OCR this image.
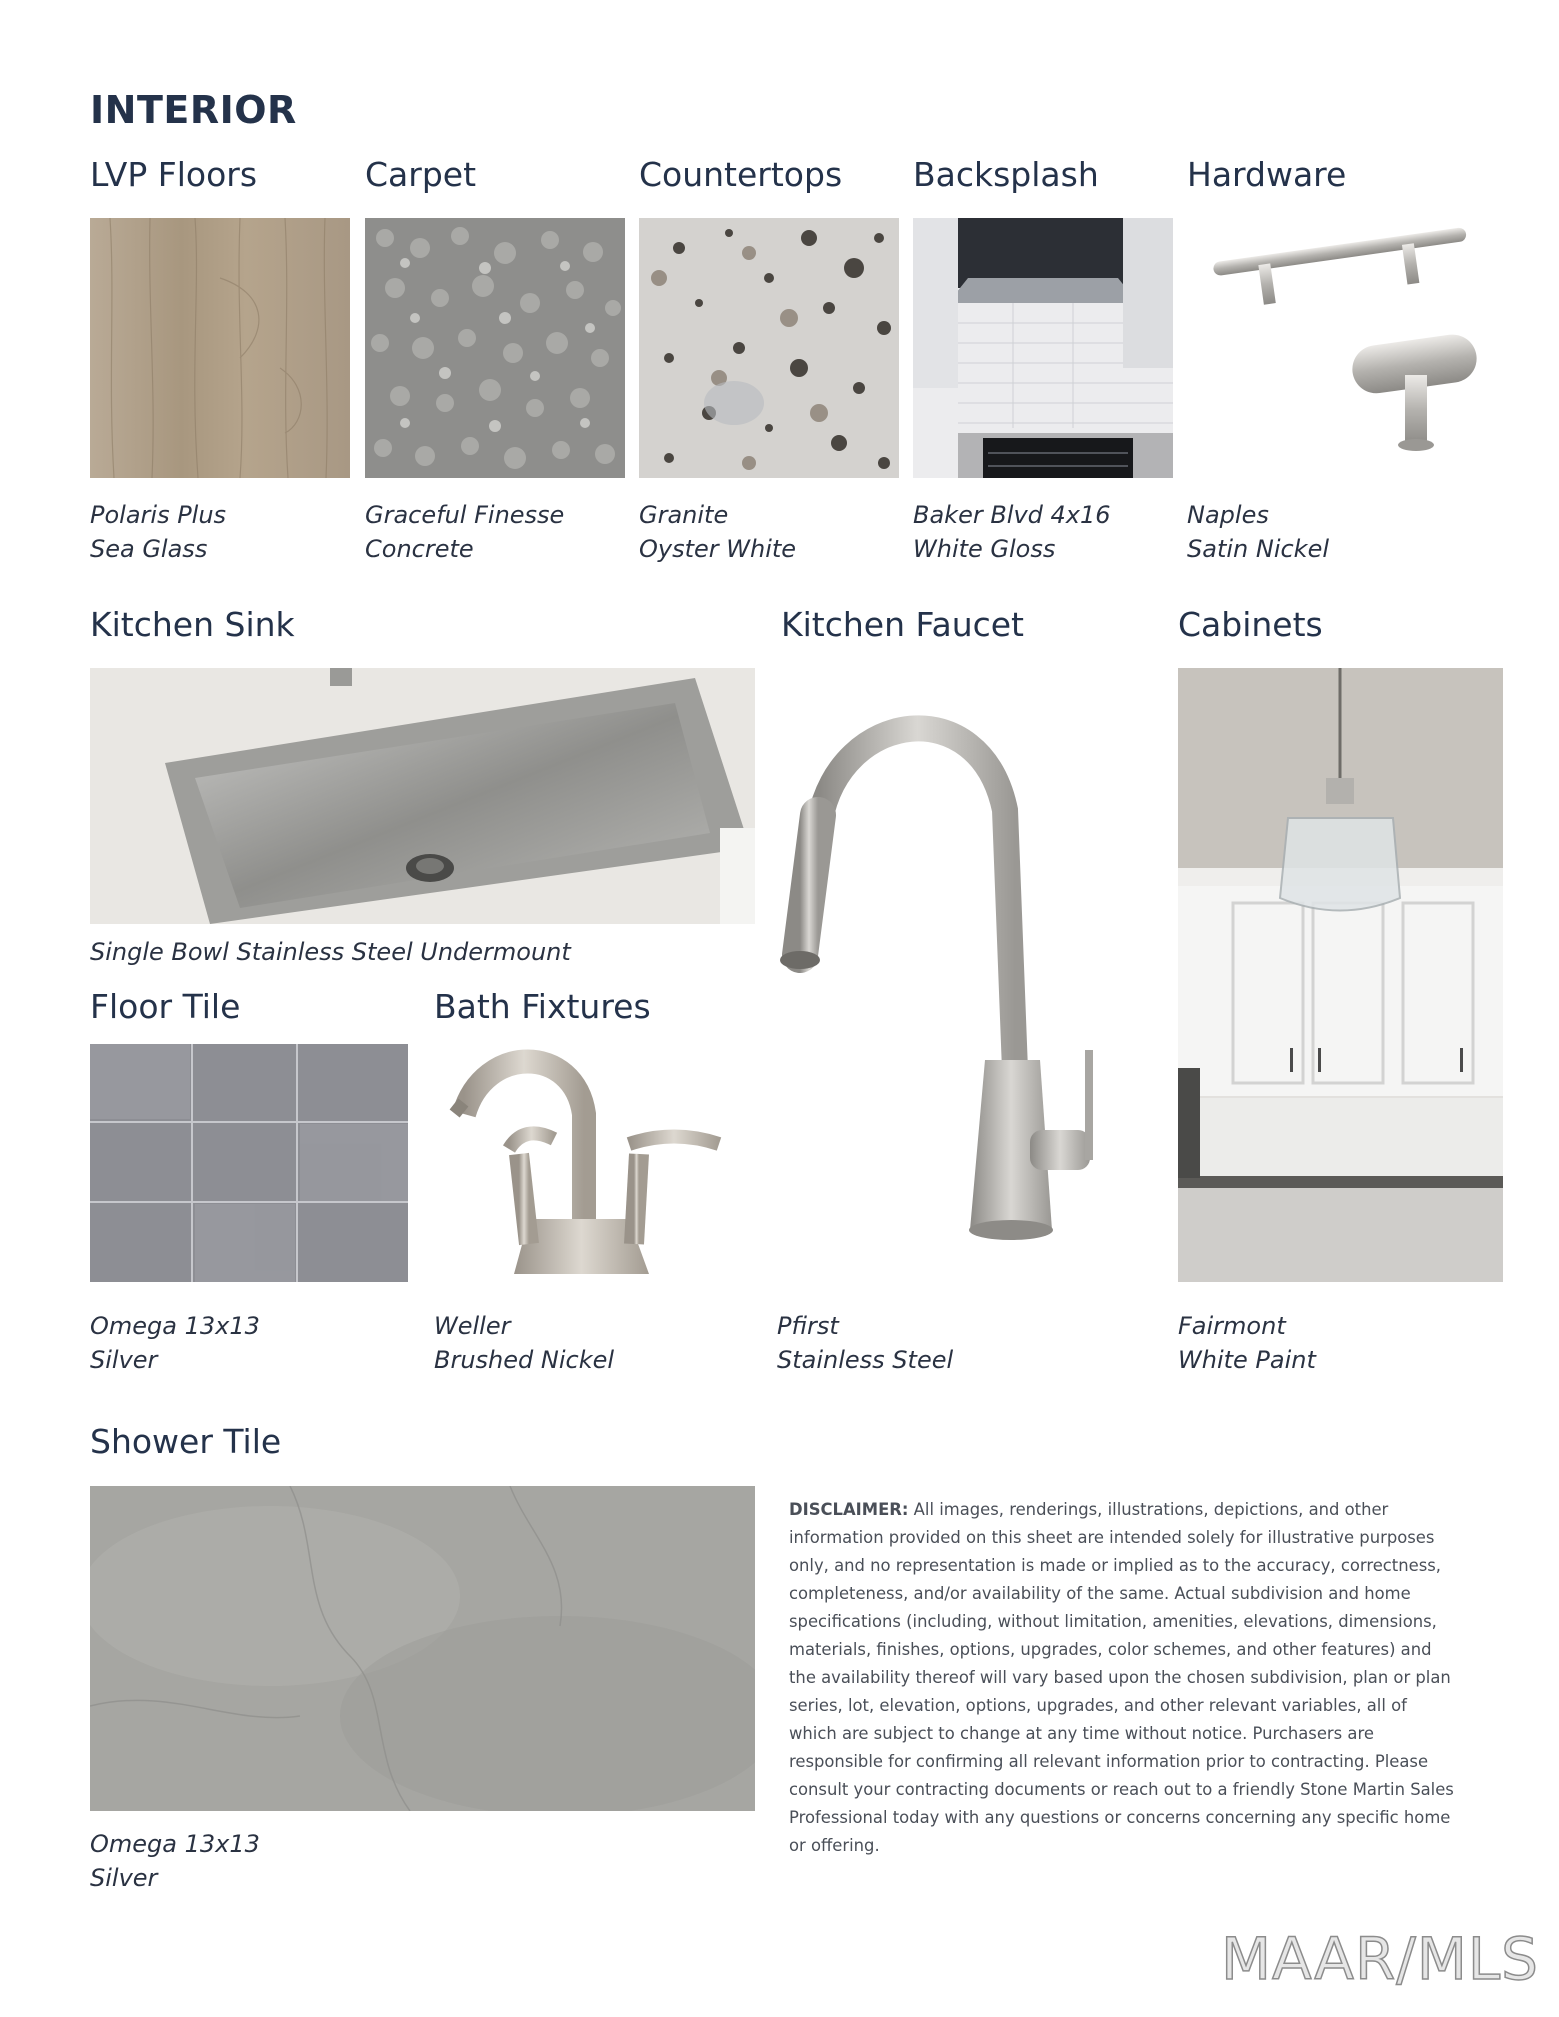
INTERIOR
LVP Floors	Carpet	Countertops Backsplash	Hardware
Polaris Plus
Sea Glass
Graceful Finesse
Concrete
Granite
Oyster White
Baker Blvd 4x16
White Gloss
Naples
Satin Nickel
Kitchen Sink	Kitchen Faucet	Cabinets
Single Bowl Stainless Steel Undermount
Floor Tile	Bath Fixtures
Omega 13x13
Silver
Weller
Brushed Nickel
Pfirst
Stainless Steel
Fairmont
White Paint
Shower Tile
Omega 13x13
Silver
DISCLAIMER: All images, renderings, illustrations, depictions, and other information provided on this sheet are intended solely for illustrative purposes only, and no representation is made or implied as to the accuracy, correctness, completeness, and/or availability of the same. Actual subdivision and home specifications (including, without limitation, amenities, elevations, dimensions, materials, finishes, options, upgrades, color schemes, and other features) and the availability thereof will vary based upon the chosen subdivision, plan or plan series, lot, elevation, options, upgrades, and other relevant variables, all of which are subject to change at any time without notice. Purchasers are responsible for confirming all relevant information prior to contracting. Please consult your contracting documents or reach out to a friendly Stone Martin Sales Professional today with any questions or concerns concerning any specific home or offering.
MAAR/MLS
